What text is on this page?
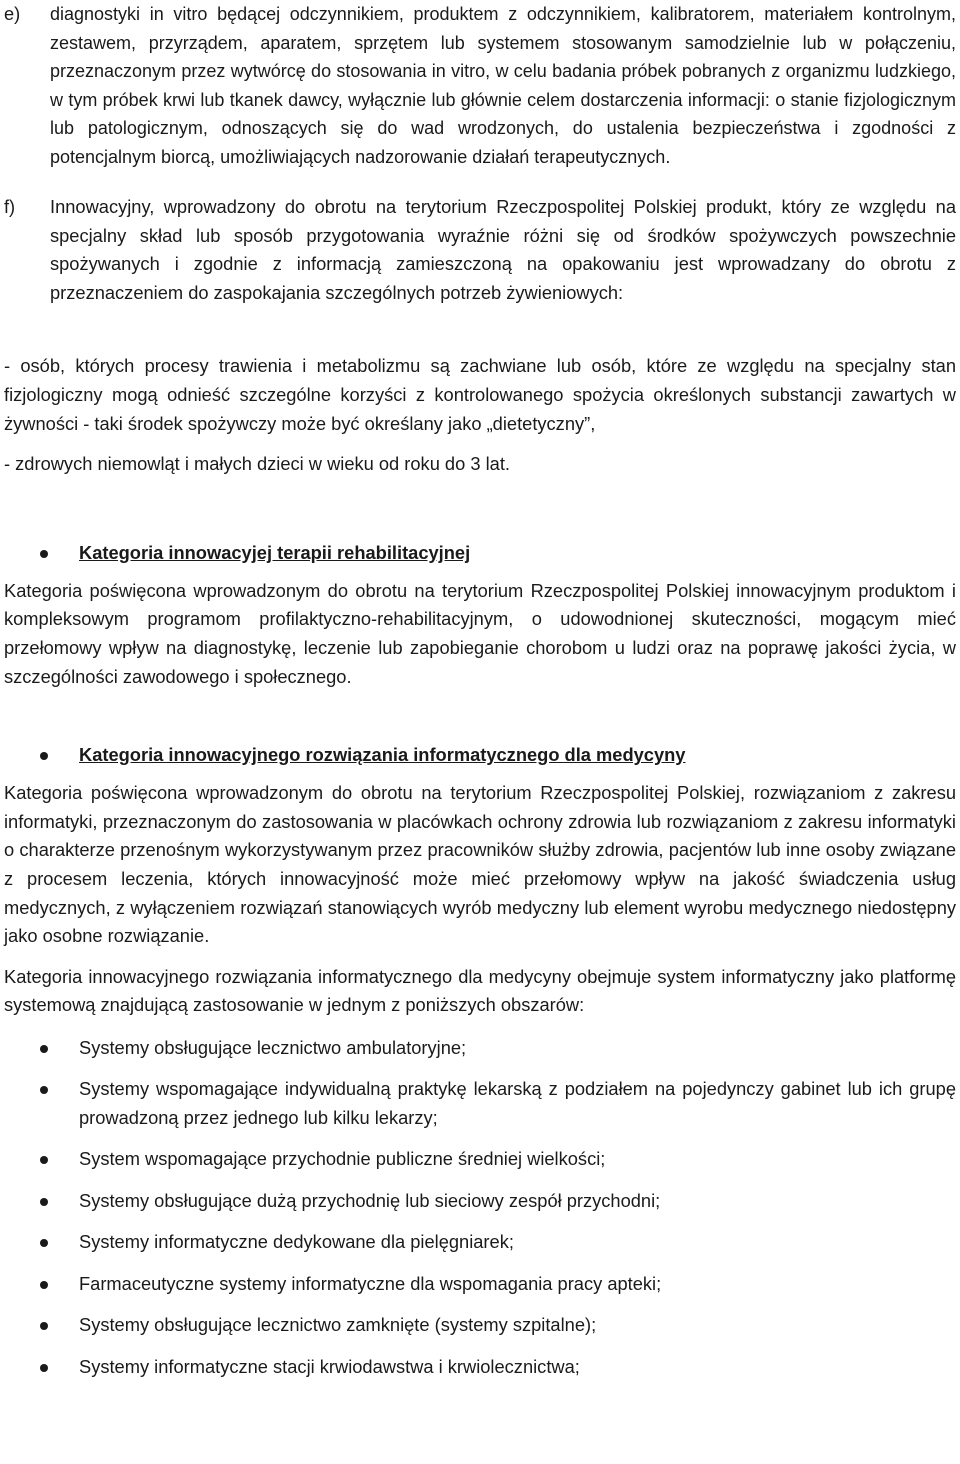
e) diagnostyki in vitro będącej odczynnikiem, produktem z odczynnikiem, kalibratorem, materiałem kontrolnym, zestawem, przyrządem, aparatem, sprzętem lub systemem stosowanym samodzielnie lub w połączeniu, przeznaczonym przez wytwórcę do stosowania in vitro, w celu badania próbek pobranych z organizmu ludzkiego, w tym próbek krwi lub tkanek dawcy, wyłącznie lub głównie celem dostarczenia informacji: o stanie fizjologicznym lub patologicznym, odnoszących się do wad wrodzonych, do ustalenia bezpieczeństwa i zgodności z potencjalnym biorcą, umożliwiających nadzorowanie działań terapeutycznych.

f) Innowacyjny, wprowadzony do obrotu na terytorium Rzeczpospolitej Polskiej produkt, który ze względu na specjalny skład lub sposób przygotowania wyraźnie różni się od środków spożywczych powszechnie spożywanych i zgodnie z informacją zamieszczoną na opakowaniu jest wprowadzany do obrotu z przeznaczeniem do zaspokajania szczególnych potrzeb żywieniowych:

- osób, których procesy trawienia i metabolizmu są zachwiane lub osób, które ze względu na specjalny stan fizjologiczny mogą odnieść szczególne korzyści z kontrolowanego spożycia określonych substancji zawartych w żywności - taki środek spożywczy może być określany jako „dietetyczny”,

- zdrowych niemowląt i małych dzieci w wieku od roku do 3 lat.

Kategoria innowacyjej terapii rehabilitacyjnej

Kategoria poświęcona wprowadzonym do obrotu na terytorium Rzeczpospolitej Polskiej innowacyjnym produktom i kompleksowym programom profilaktyczno-rehabilitacyjnym, o udowodnionej skuteczności, mogącym mieć przełomowy wpływ na diagnostykę, leczenie lub zapobieganie chorobom u ludzi oraz na poprawę jakości życia, w szczególności zawodowego i społecznego.

Kategoria innowacyjnego rozwiązania informatycznego dla medycyny

Kategoria poświęcona wprowadzonym do obrotu na terytorium Rzeczpospolitej Polskiej, rozwiązaniom z zakresu informatyki, przeznaczonym do zastosowania w placówkach ochrony zdrowia lub rozwiązaniom z zakresu informatyki o charakterze przenośnym wykorzystywanym przez pracowników służby zdrowia, pacjentów lub inne osoby związane z procesem leczenia, których innowacyjność może mieć przełomowy wpływ na jakość świadczenia usług medycznych, z wyłączeniem rozwiązań stanowiących wyrób medyczny lub element wyrobu medycznego niedostępny jako osobne rozwiązanie.

Kategoria innowacyjnego rozwiązania informatycznego dla medycyny obejmuje system informatyczny jako platformę systemową znajdującą zastosowanie w jednym z poniższych obszarów:

Systemy obsługujące lecznictwo ambulatoryjne;

Systemy wspomagające indywidualną praktykę lekarską z podziałem na pojedynczy gabinet lub ich grupę prowadzoną przez jednego lub kilku lekarzy;

System wspomagające przychodnie publiczne średniej wielkości;

Systemy obsługujące dużą przychodnię lub sieciowy zespół przychodni;

Systemy informatyczne dedykowane dla pielęgniarek;

Farmaceutyczne systemy informatyczne dla wspomagania pracy apteki;

Systemy obsługujące lecznictwo zamknięte (systemy szpitalne);

Systemy informatyczne stacji krwiodawstwa i krwiolecznictwa;
